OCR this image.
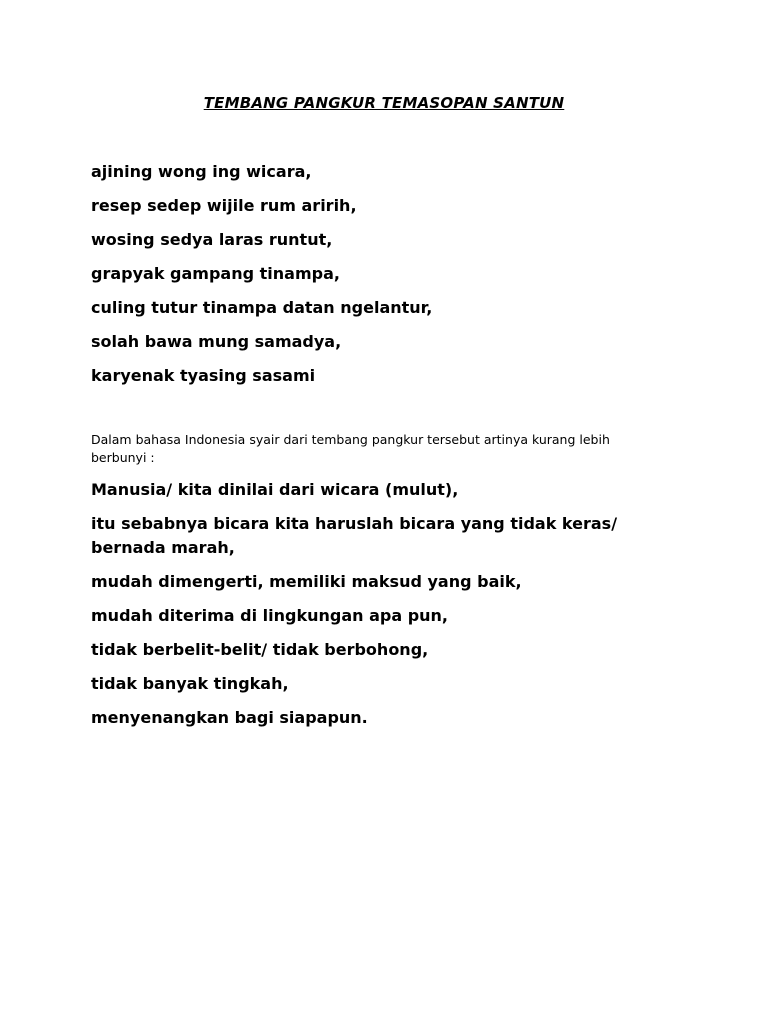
TEMBANG PANGKUR TEMASOPAN SANTUN
ajining wong ing wicara,
resep sedep wijile rum aririh,
wosing sedya laras runtut,
grapyak gampang tinampa,
culing tutur tinampa datan ngelantur,
solah bawa mung samadya,
karyenak tyasing sasami
Dalam bahasa Indonesia syair dari tembang pangkur tersebut artinya kurang lebih berbunyi :
Manusia/ kita dinilai dari wicara (mulut),
itu sebabnya bicara kita haruslah bicara yang tidak keras/ bernada marah,
mudah dimengerti, memiliki maksud yang baik,
mudah diterima di lingkungan apa pun,
tidak berbelit-belit/ tidak berbohong,
tidak banyak tingkah,
menyenangkan bagi siapapun.
